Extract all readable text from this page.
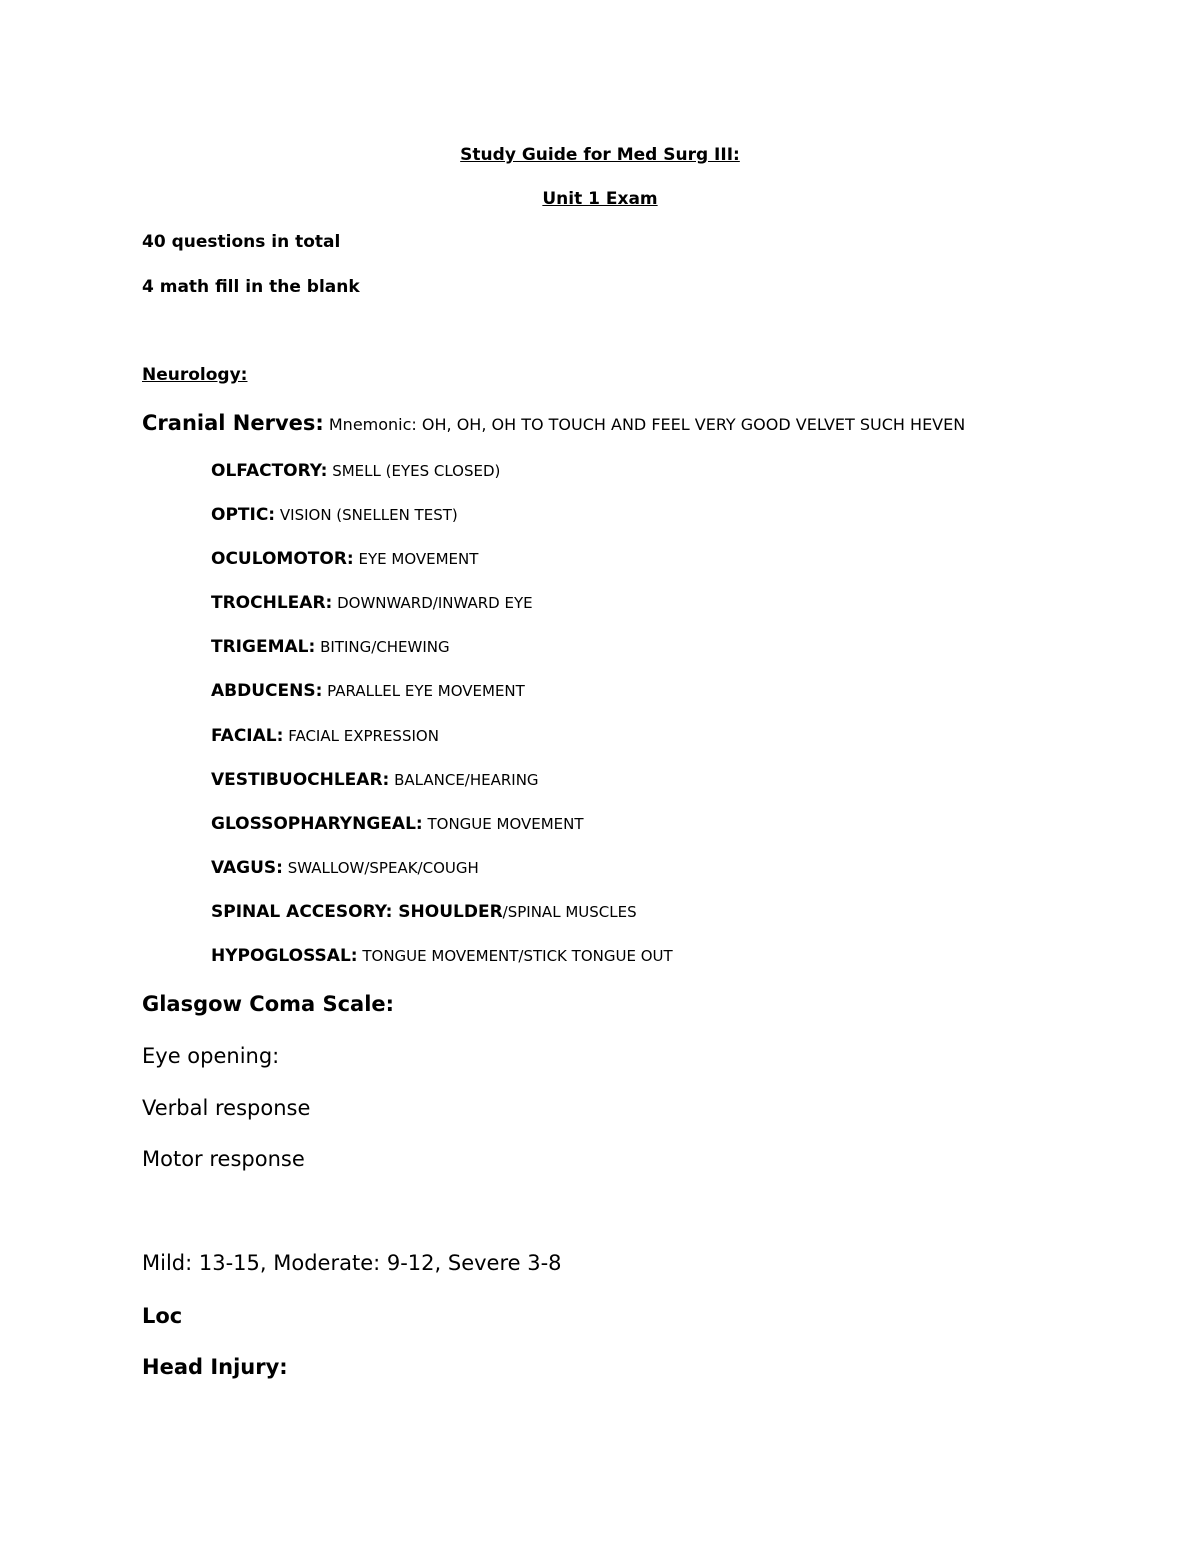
Study Guide for Med Surg III:
Unit 1 Exam
40 questions in total
4 math fill in the blank
Neurology:
Cranial Nerves: Mnemonic: OH, OH, OH TO TOUCH AND FEEL VERY GOOD VELVET SUCH HEVEN
OLFACTORY: SMELL (EYES CLOSED)
OPTIC: VISION (SNELLEN TEST)
OCULOMOTOR: EYE MOVEMENT
TROCHLEAR: DOWNWARD/INWARD EYE
TRIGEMAL: BITING/CHEWING
ABDUCENS: PARALLEL EYE MOVEMENT
FACIAL: FACIAL EXPRESSION
VESTIBUOCHLEAR: BALANCE/HEARING
GLOSSOPHARYNGEAL: TONGUE MOVEMENT
VAGUS: SWALLOW/SPEAK/COUGH
SPINAL ACCESORY: SHOULDER/SPINAL MUSCLES
HYPOGLOSSAL: TONGUE MOVEMENT/STICK TONGUE OUT
Glasgow Coma Scale:
Eye opening:
Verbal response
Motor response
Mild: 13-15, Moderate: 9-12, Severe 3-8
Loc
Head Injury:
